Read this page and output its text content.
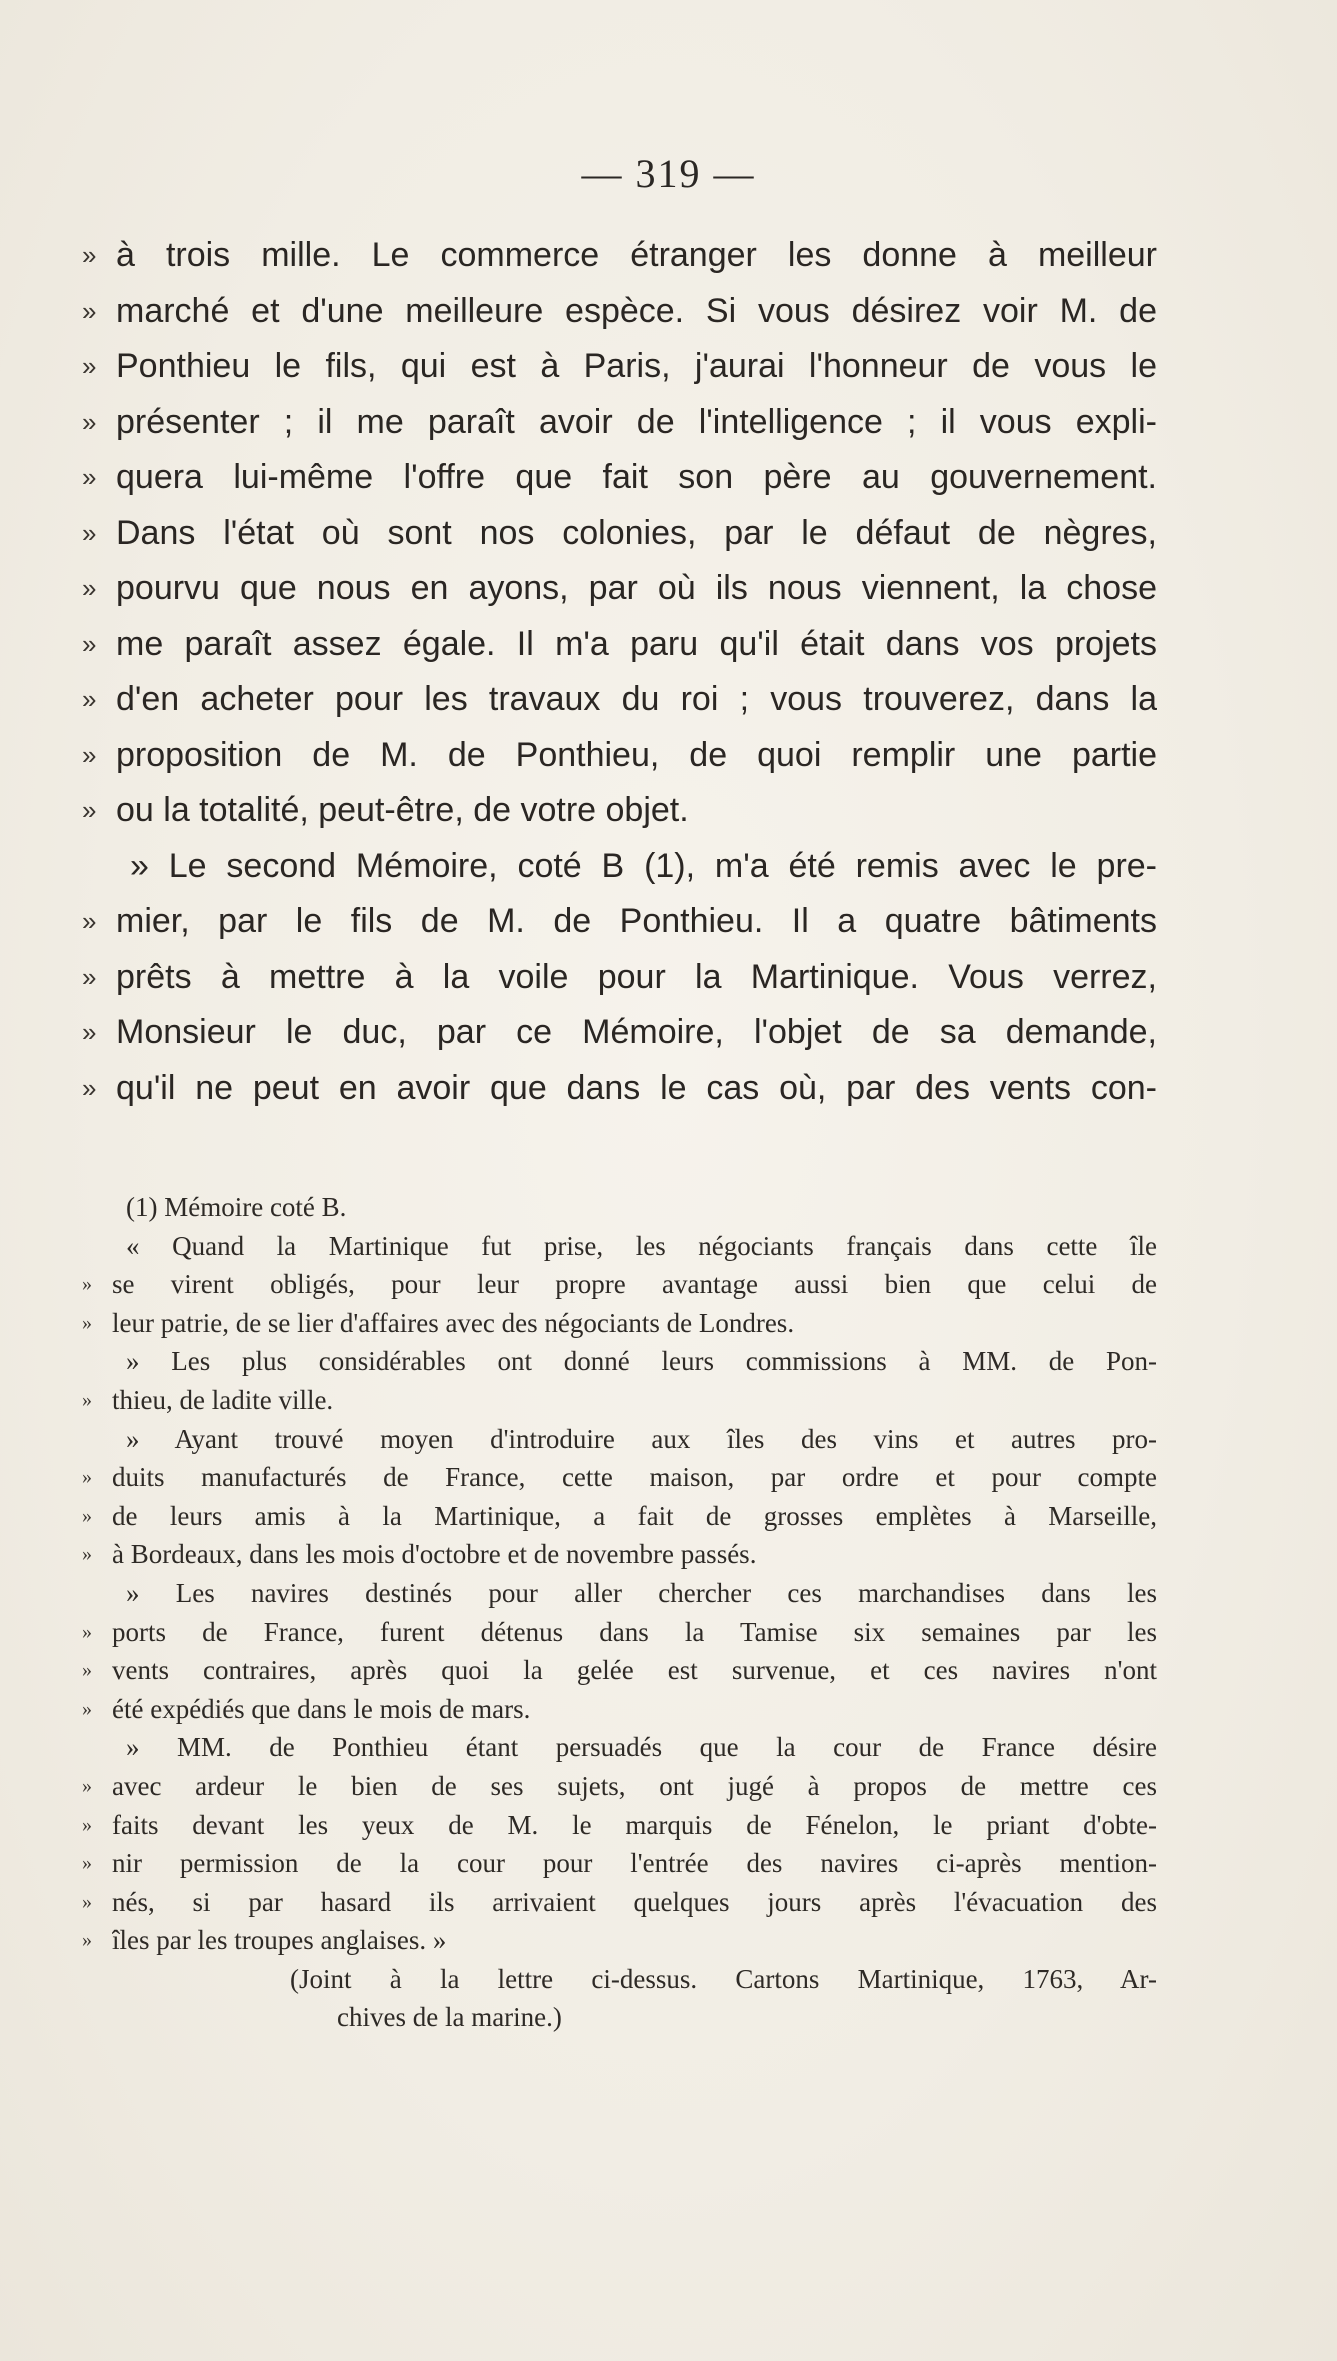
— 319 —
» à trois mille. Le commerce étranger les donne à meilleur
» marché et d'une meilleure espèce. Si vous désirez voir M. de
» Ponthieu le fils, qui est à Paris, j'aurai l'honneur de vous le
» présenter ; il me paraît avoir de l'intelligence ; il vous expli-
» quera lui-même l'offre que fait son père au gouvernement.
» Dans l'état où sont nos colonies, par le défaut de nègres,
» pourvu que nous en ayons, par où ils nous viennent, la chose
» me paraît assez égale. Il m'a paru qu'il était dans vos projets
» d'en acheter pour les travaux du roi ; vous trouverez, dans la
» proposition de M. de Ponthieu, de quoi remplir une partie
» ou la totalité, peut-être, de votre objet.
» Le second Mémoire, coté B (1), m'a été remis avec le pre-
» mier, par le fils de M. de Ponthieu. Il a quatre bâtiments
» prêts à mettre à la voile pour la Martinique. Vous verrez,
» Monsieur le duc, par ce Mémoire, l'objet de sa demande,
» qu'il ne peut en avoir que dans le cas où, par des vents con-
(1) Mémoire coté B.
« Quand la Martinique fut prise, les négociants français dans cette île
» se virent obligés, pour leur propre avantage aussi bien que celui de
» leur patrie, de se lier d'affaires avec des négociants de Londres.
» Les plus considérables ont donné leurs commissions à MM. de Pon-
» thieu, de ladite ville.
» Ayant trouvé moyen d'introduire aux îles des vins et autres pro-
» duits manufacturés de France, cette maison, par ordre et pour compte
» de leurs amis à la Martinique, a fait de grosses emplètes à Marseille,
» à Bordeaux, dans les mois d'octobre et de novembre passés.
» Les navires destinés pour aller chercher ces marchandises dans les
» ports de France, furent détenus dans la Tamise six semaines par les
» vents contraires, après quoi la gelée est survenue, et ces navires n'ont
» été expédiés que dans le mois de mars.
» MM. de Ponthieu étant persuadés que la cour de France désire
» avec ardeur le bien de ses sujets, ont jugé à propos de mettre ces
» faits devant les yeux de M. le marquis de Fénelon, le priant d'obte-
» nir permission de la cour pour l'entrée des navires ci-après mention-
» nés, si par hasard ils arrivaient quelques jours après l'évacuation des
» îles par les troupes anglaises. »
(Joint à la lettre ci-dessus. Cartons Martinique, 1763, Ar-
chives de la marine.)
